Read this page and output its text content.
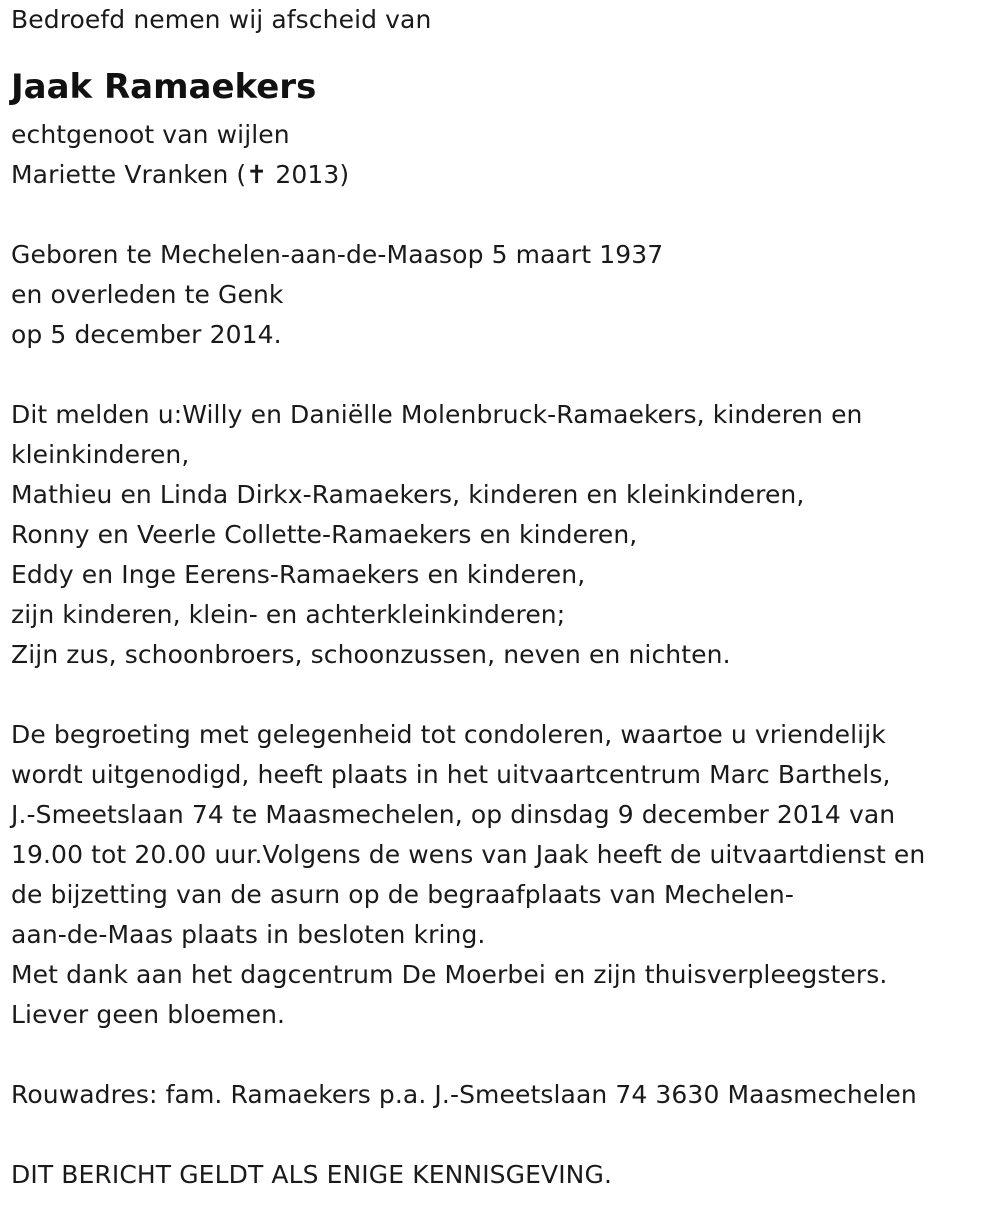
Bedroefd nemen wij afscheid van
Jaak Ramaekers
echtgenoot van wijlen
Mariette Vranken (✝ 2013)
Geboren te Mechelen-aan-de-Maasop 5 maart 1937
en overleden te Genk
op 5 december 2014.
Dit melden u:Willy en Daniëlle Molenbruck-Ramaekers, kinderen en
kleinkinderen,
Mathieu en Linda Dirkx-Ramaekers, kinderen en kleinkinderen,
Ronny en Veerle Collette-Ramaekers en kinderen,
Eddy en Inge Eerens-Ramaekers en kinderen,
zijn kinderen, klein- en achterkleinkinderen;
Zijn zus, schoonbroers, schoonzussen, neven en nichten.
De begroeting met gelegenheid tot condoleren, waartoe u vriendelijk
wordt uitgenodigd, heeft plaats in het uitvaartcentrum Marc Barthels,
J.-Smeetslaan 74 te Maasmechelen, op dinsdag 9 december 2014 van
19.00 tot 20.00 uur.Volgens de wens van Jaak heeft de uitvaartdienst en
de bijzetting van de asurn op de begraafplaats van Mechelen-
aan-de-Maas plaats in besloten kring.
Met dank aan het dagcentrum De Moerbei en zijn thuisverpleegsters.
Liever geen bloemen.
Rouwadres: fam. Ramaekers p.a. J.-Smeetslaan 74 3630 Maasmechelen
DIT BERICHT GELDT ALS ENIGE KENNISGEVING.
